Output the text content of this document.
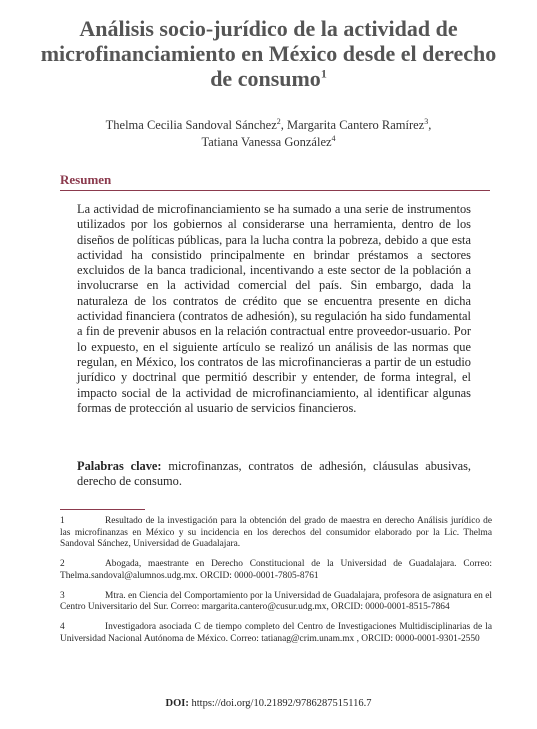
Análisis socio-jurídico de la actividad de microfinanciamiento en México desde el derecho de consumo$^1$
Thelma Cecilia Sandoval Sánchez$^2$, Margarita Cantero Ramírez$^3$,
Tatiana Vanessa González$^4$
Resumen

La actividad de microfinanciamiento se ha sumado a una serie de instrumentos utilizados por los gobiernos al considerarse una herramienta, dentro de los diseños de políticas públicas, para la lucha contra la pobreza, debido a que esta actividad ha consistido principalmente en brindar préstamos a sectores excluidos de la banca tradicional, incentivando a este sector de la población a involucrarse en la actividad comercial del país. Sin embargo, dada la naturaleza de los contratos de crédito que se encuentra presente en dicha actividad financiera (contratos de adhesión), su regulación ha sido fundamental a fin de prevenir abusos en la relación contractual entre proveedor-usuario. Por lo expuesto, en el siguiente artículo se realizó un análisis de las normas que regulan, en México, los contratos de las microfinancieras a partir de un estudio jurídico y doctrinal que permitió describir y entender, de forma integral, el impacto social de la actividad de microfinanciamiento, al identificar algunas formas de protección al usuario de servicios financieros.

Palabras clave: microfinanzas, contratos de adhesión, cláusulas abusivas, derecho de consumo.

1	Resultado de la investigación para la obtención del grado de maestra en derecho Análisis jurídico de las microfinanzas en México y su incidencia en los derechos del consumidor elaborado por la Lic. Thelma Sandoval Sánchez, Universidad de Guadalajara.

2	Abogada, maestrante en Derecho Constitucional de la Universidad de Guadalajara. Correo: Thelma.sandoval@alumnos.udg.mx. ORCID: 0000-0001-7805-8761

3	Mtra. en Ciencia del Comportamiento por la Universidad de Guadalajara, profesora de asignatura en el Centro Universitario del Sur. Correo: margarita.cantero@cusur.udg.mx, ORCID: 0000-0001-8515-7864

4	Investigadora asociada C de tiempo completo del Centro de Investigaciones Multidisciplinarias de la Universidad Nacional Autónoma de México. Correo: tatianag@crim.unam.mx , ORCID: 0000-0001-9301-2550

DOI: https://doi.org/10.21892/9786287515116.7
